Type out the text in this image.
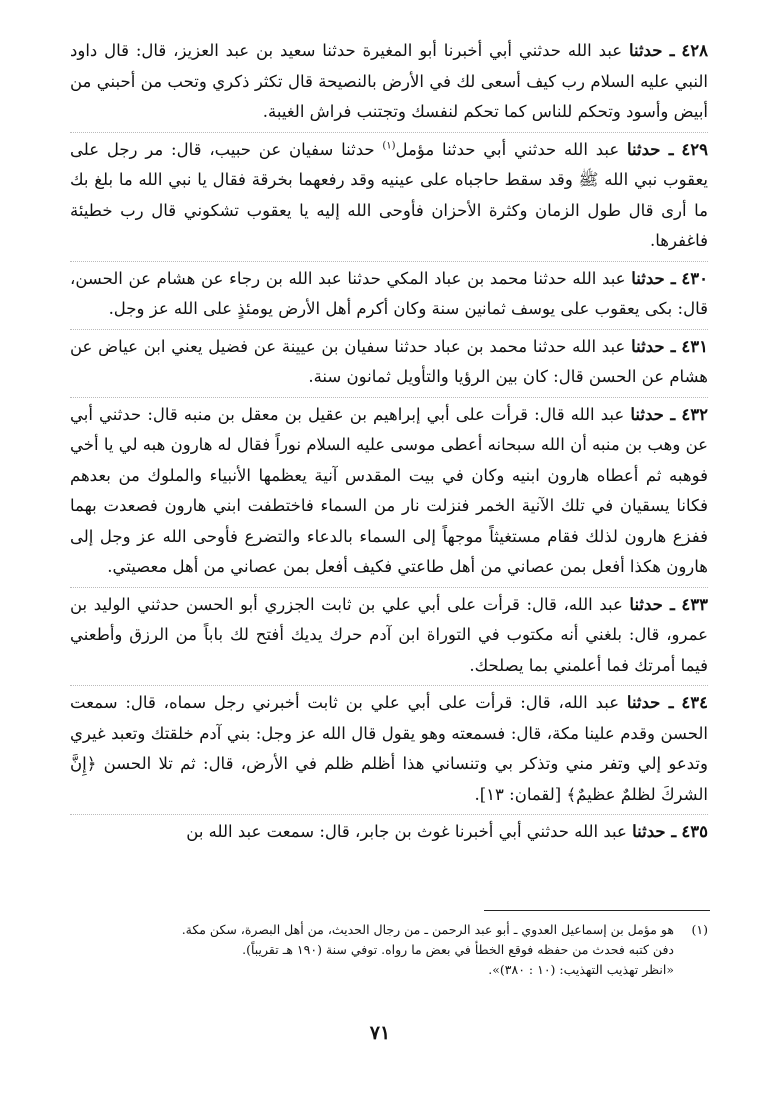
٤٢٨ ـ حدثنا عبد الله حدثني أبي أخبرنا أبو المغيرة حدثنا سعيد بن عبد العزيز، قال: قال داود النبي عليه السلام رب كيف أسعى لك في الأرض بالنصيحة قال تكثر ذكري وتحب من أحبني من أبيض وأسود وتحكم للناس كما تحكم لنفسك وتجتنب فراش الغيبة.

٤٢٩ ـ حدثنا عبد الله حدثني أبي حدثنا مؤمل$^{(١)}$ حدثنا سفيان عن حبيب، قال: مر رجل على يعقوب نبي الله ﷺ وقد سقط حاجباه على عينيه وقد رفعهما بخرقة فقال يا نبي الله ما بلغ بك ما أرى قال طول الزمان وكثرة الأحزان فأوحى الله إليه يا يعقوب تشكوني قال رب خطيئة فاغفرها.

٤٣٠ ـ حدثنا عبد الله حدثنا محمد بن عباد المكي حدثنا عبد الله بن رجاء عن هشام عن الحسن، قال: بكى يعقوب على يوسف ثمانين سنة وكان أكرم أهل الأرض يومئذٍ على الله عز وجل.

٤٣١ ـ حدثنا عبد الله حدثنا محمد بن عباد حدثنا سفيان بن عيينة عن فضيل يعني ابن عياض عن هشام عن الحسن قال: كان بين الرؤيا والتأويل ثمانون سنة.

٤٣٢ ـ حدثنا عبد الله قال: قرأت على أبي إبراهيم بن عقيل بن معقل بن منبه قال: حدثني أبي عن وهب بن منبه أن الله سبحانه أعطى موسى عليه السلام نوراً فقال له هارون هبه لي يا أخي فوهبه ثم أعطاه هارون ابنيه وكان في بيت المقدس آنية يعظمها الأنبياء والملوك من بعدهم فكانا يسقيان في تلك الآنية الخمر فنزلت نار من السماء فاختطفت ابني هارون فصعدت بهما ففزع هارون لذلك فقام مستغيثاً موجهاً إلى السماء بالدعاء والتضرع فأوحى الله عز وجل إلى هارون هكذا أفعل بمن عصاني من أهل طاعتي فكيف أفعل بمن عصاني من أهل معصيتي.

٤٣٣ ـ حدثنا عبد الله، قال: قرأت على أبي علي بن ثابت الجزري أبو الحسن حدثني الوليد بن عمرو، قال: بلغني أنه مكتوب في التوراة ابن آدم حرك يديك أفتح لك باباً من الرزق وأطعني فيما أمرتك فما أعلمني بما يصلحك.

٤٣٤ ـ حدثنا عبد الله، قال: قرأت على أبي علي بن ثابت أخبرني رجل سماه، قال: سمعت الحسن وقدم علينا مكة، قال: فسمعته وهو يقول قال الله عز وجل: بني آدم خلقتك وتعبد غيري وتدعو إلي وتفر مني وتذكر بي وتنساني هذا أظلم ظلم في الأرض، قال: ثم تلا الحسن ﴿إِنَّ الشركَ لظلمٌ عظيمٌ﴾ [لقمان: ١٣].

٤٣٥ ـ حدثنا عبد الله حدثني أبي أخبرنا غوث بن جابر، قال: سمعت عبد الله بن

(١)هو مؤمل بن إسماعيل العدوي ـ أبو عبد الرحمن ـ من رجال الحديث، من أهل البصرة، سكن مكة.
دفن كتبه فحدث من حفظه فوقع الخطأ في بعض ما رواه. توفي سنة (١٩٠ هـ تقريباً).
«انظر تهذيب التهذيب: (١٠ : ٣٨٠)».
٧١
